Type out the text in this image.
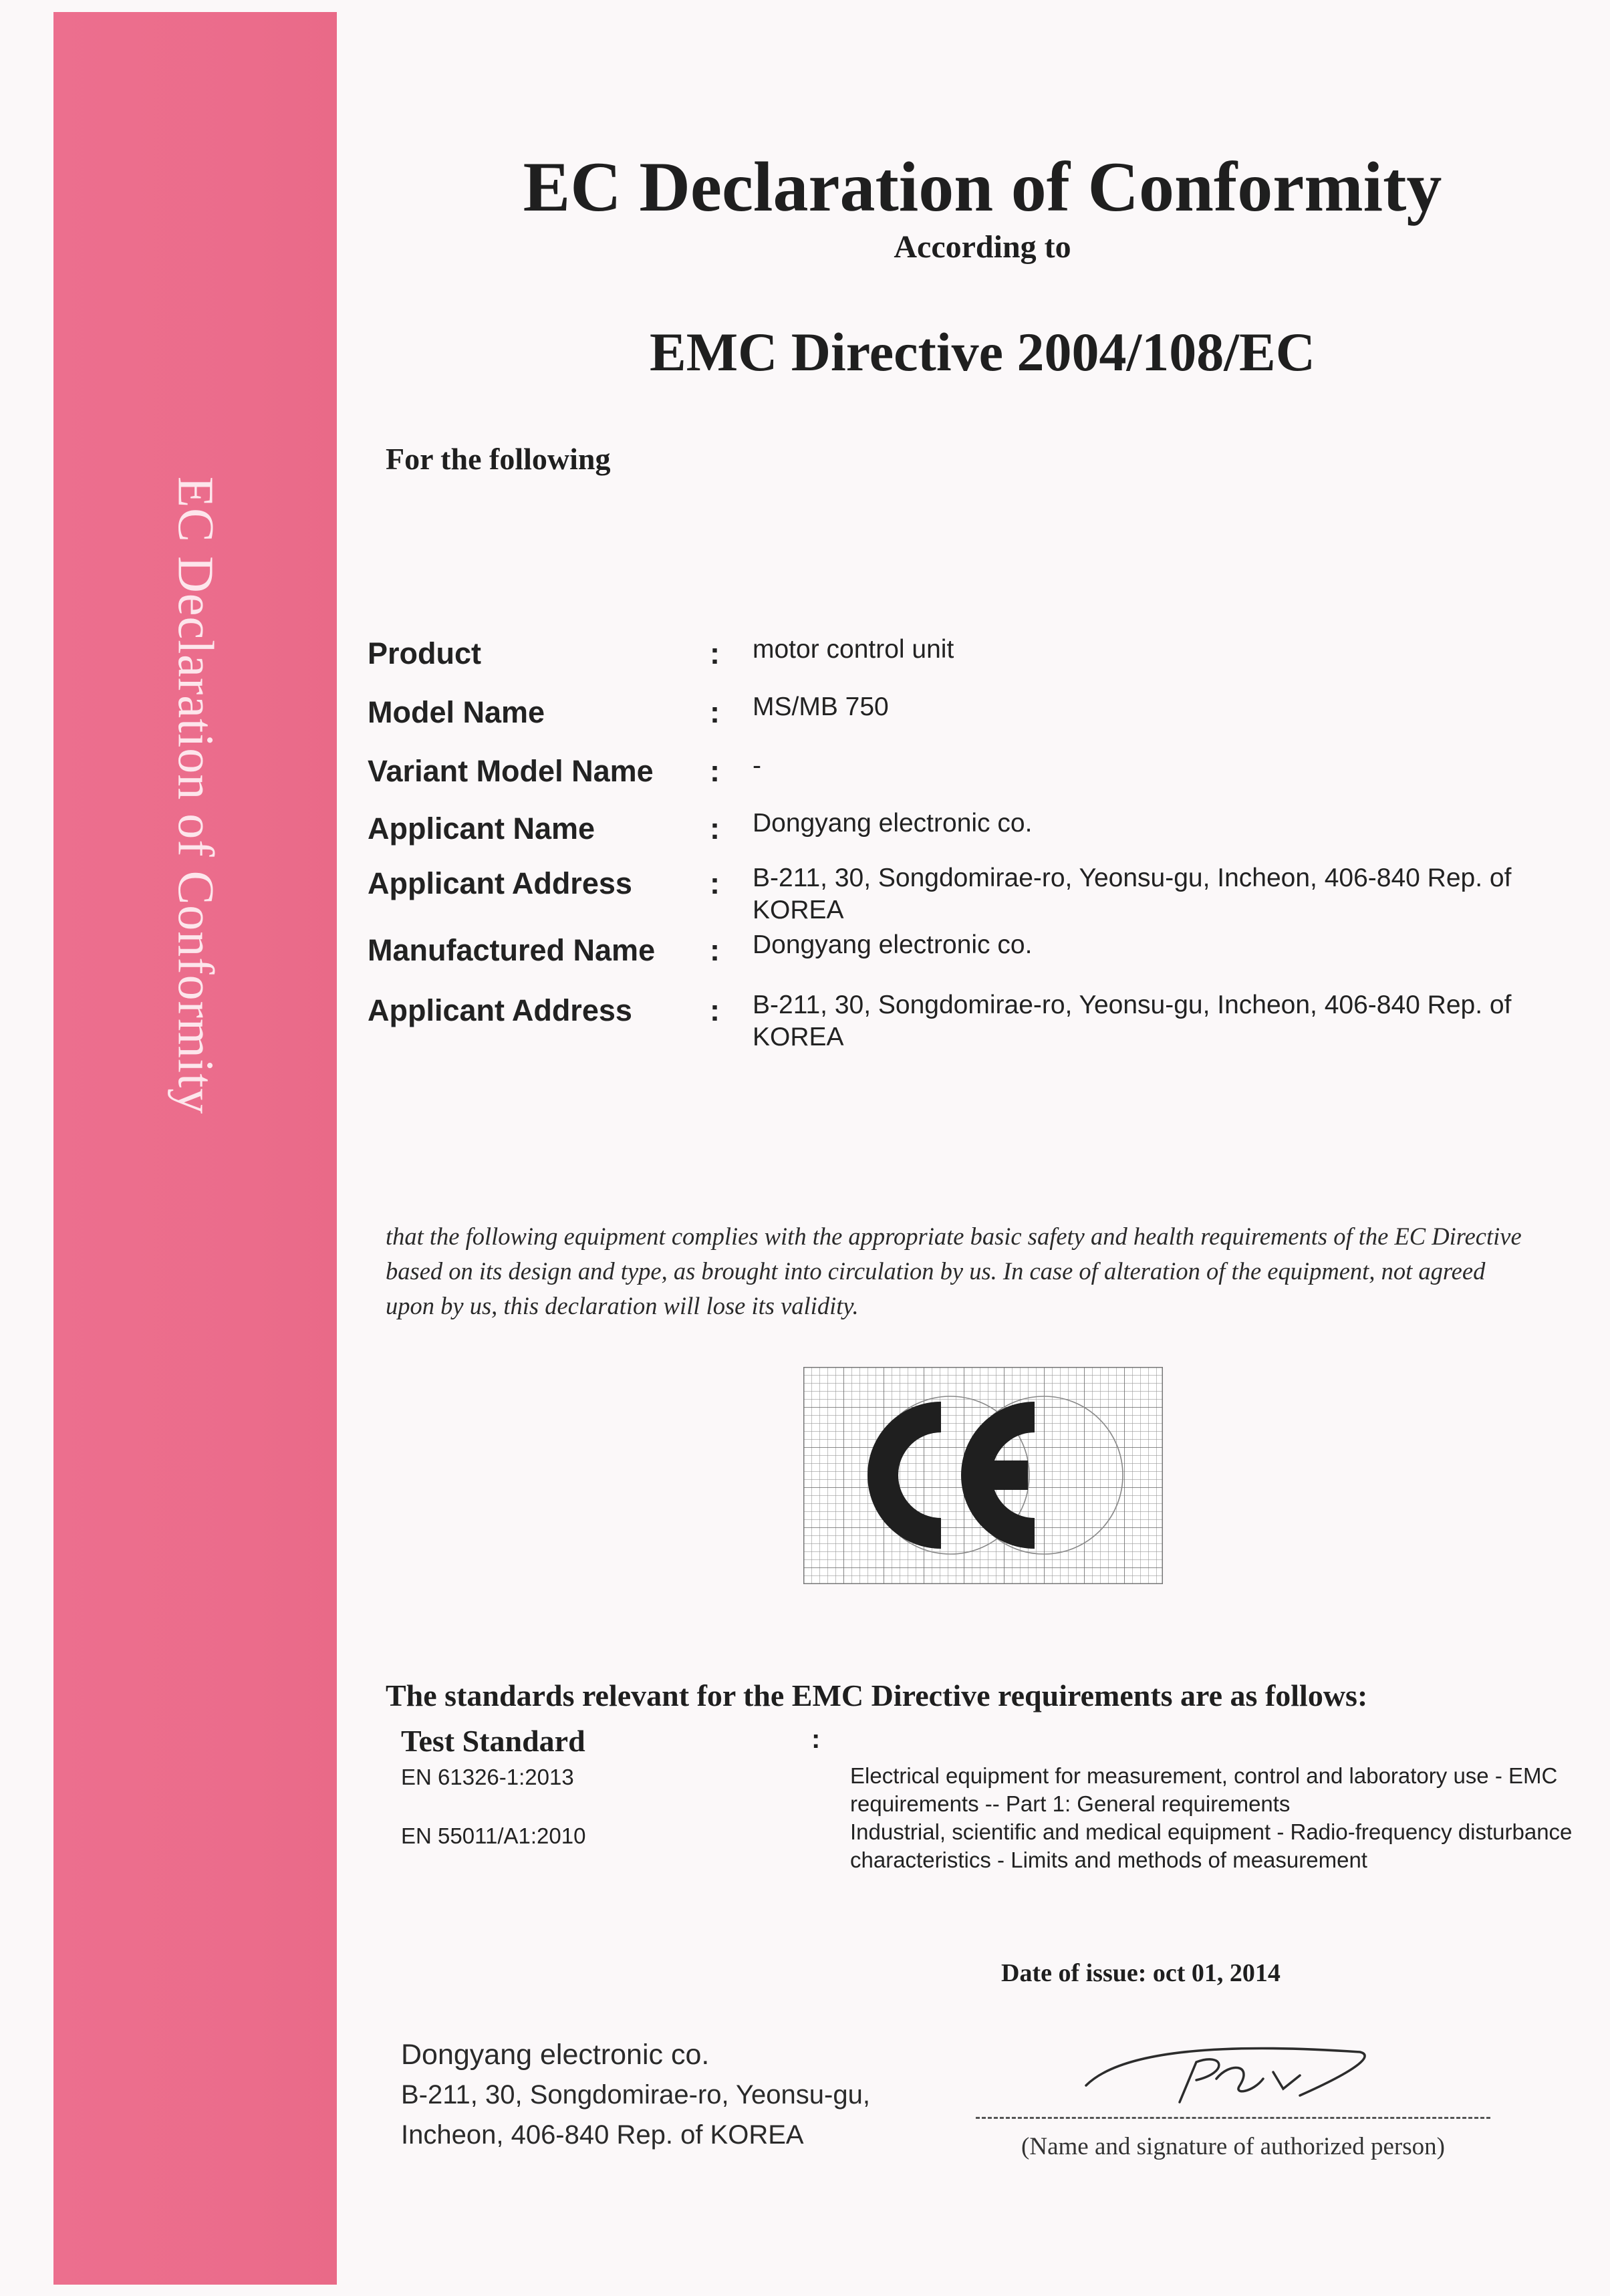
EC Declaration of Conformity
EC Declaration of Conformity
According to
EMC Directive 2004/108/EC
For the following
Product	: motor control unit
Model Name	: MS/MB 750
Variant Model Name : -
Applicant Name	: Dongyang electronic co.
Applicant Address	: B-211, 30, Songdomirae-ro, Yeonsu-gu, Incheon, 406-840 Rep. of KOREA
Manufactured Name : Dongyang electronic co.
Applicant Address	: B-211, 30, Songdomirae-ro, Yeonsu-gu, Incheon, 406-840 Rep. of KOREA
that the following equipment complies with the appropriate basic safety and health requirements of the EC Directive based on its design and type, as brought into circulation by us. In case of alteration of the equipment, not agreed upon by us, this declaration will lose its validity.
The standards relevant for the EMC Directive requirements are as follows:
Test Standard	:
EN 61326-1:2013	Electrical equipment for measurement, control and laboratory use - EMC requirements -- Part 1: General requirements
EN 55011/A1:2010	Industrial, scientific and medical equipment - Radio-frequency disturbance characteristics - Limits and methods of measurement
Date of issue: oct 01, 2014
Dongyang electronic co.
B-211, 30, Songdomirae-ro, Yeonsu-gu,
Incheon, 406-840 Rep. of KOREA	(Name and signature of authorized person)
